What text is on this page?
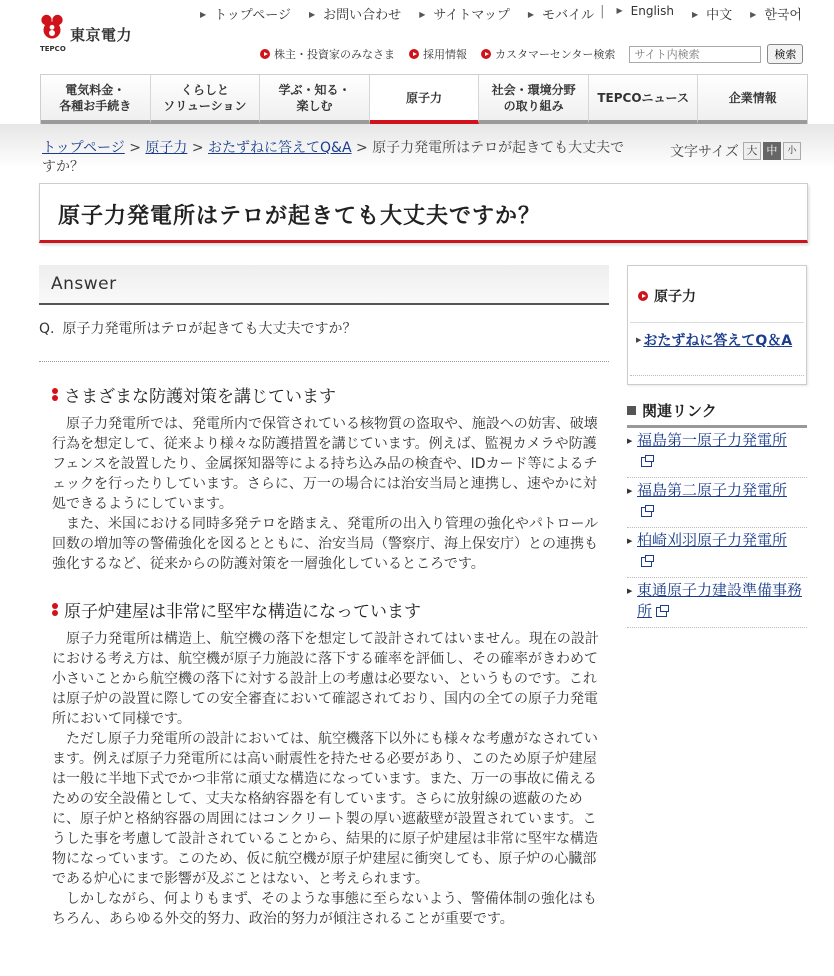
TEPCO
東京電力
▶ トップページ	▶ お問い合わせ	▶ サイトマップ	▶ モバイル |	▶ English	▶ 中文	▶ 한국어
株主・投資家のみなさま	採用情報	カスタマーセンター検索
サイト内検索	検索
電気料金・
各種お手続き
くらしと
ソリューション
学ぶ・知る・
楽しむ
原子力
社会・環境分野
の取り組み
TEPCOニュース	企業情報
トップページ > 原子力 > おたずねに答えてQ&A > 原子力発電所はテロが起きても大丈夫ですか？
文字サイズ 大 中	小
原子力発電所はテロが起きても大丈夫ですか？
Answer
Q. 原子力発電所はテロが起きても大丈夫ですか？
さまざまな防護対策を講じています

原子力発電所では、発電所内で保管されている核物質の盗取や、施設への妨害、破壊行為を想定して、従来より様々な防護措置を講じています。例えば、監視カメラや防護フェンスを設置したり、金属探知器等による持ち込み品の検査や、IDカード等によるチェックを行ったりしています。さらに、万一の場合には治安当局と連携し、速やかに対処できるようにしています。

また、米国における同時多発テロを踏まえ、発電所の出入り管理の強化やパトロール回数の増加等の警備強化を図るとともに、治安当局（警察庁、海上保安庁）との連携も強化するなど、従来からの防護対策を一層強化しているところです。

原子炉建屋は非常に堅牢な構造になっています

原子力発電所は構造上、航空機の落下を想定して設計されてはいません。現在の設計における考え方は、航空機が原子力施設に落下する確率を評価し、その確率がきわめて小さいことから航空機の落下に対する設計上の考慮は必要ない、というものです。これは原子炉の設置に際しての安全審査において確認されており、国内の全ての原子力発電所において同様です。

ただし原子力発電所の設計においては、航空機落下以外にも様々な考慮がなされています。例えば原子力発電所には高い耐震性を持たせる必要があり、このため原子炉建屋は一般に半地下式でかつ非常に頑丈な構造になっています。また、万一の事故に備えるための安全設備として、丈夫な格納容器を有しています。さらに放射線の遮蔽のために、原子炉と格納容器の周囲にはコンクリート製の厚い遮蔽壁が設置されています。こうした事を考慮して設計されていることから、結果的に原子炉建屋は非常に堅牢な構造物になっています。このため、仮に航空機が原子炉建屋に衝突しても、原子炉の心臓部である炉心にまで影響が及ぶことはない、と考えられます。

しかしながら、何よりもまず、そのような事態に至らないよう、警備体制の強化はもちろん、あらゆる外交的努力、政治的努力が傾注されることが重要です。

原子力
▶ おたずねに答えてQ＆A
関連リンク
▶ 福島第一原子力発電所

▶ 福島第二原子力発電所

▶ 柏崎刈羽原子力発電所

▶ 東通原子力建設準備事務所
